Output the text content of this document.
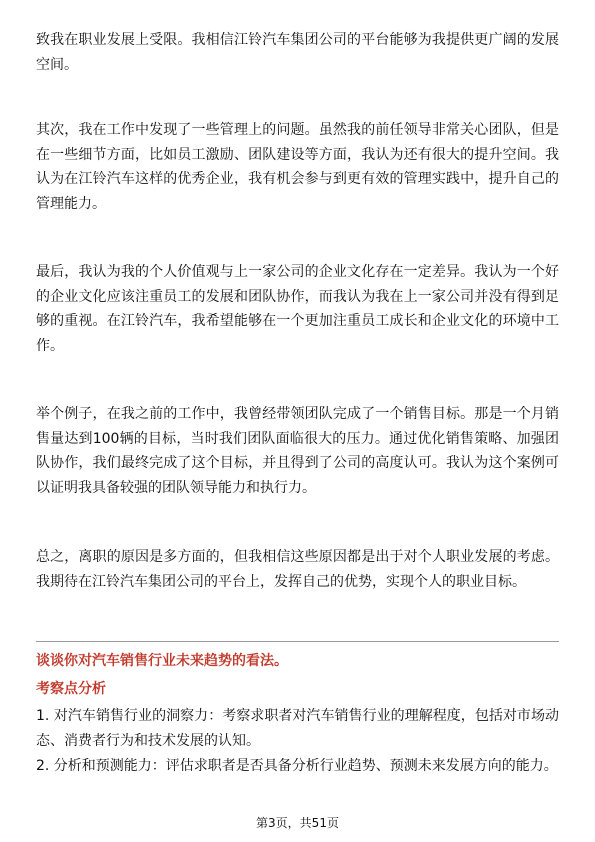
致我在职业发展上受限。我相信江铃汽车集团公司的平台能够为我提供更广阔的发展空间。

其次，我在工作中发现了一些管理上的问题。虽然我的前任领导非常关心团队，但是在一些细节方面，比如员工激励、团队建设等方面，我认为还有很大的提升空间。我认为在江铃汽车这样的优秀企业，我有机会参与到更有效的管理实践中，提升自己的管理能力。

最后，我认为我的个人价值观与上一家公司的企业文化存在一定差异。我认为一个好的企业文化应该注重员工的发展和团队协作，而我认为我在上一家公司并没有得到足够的重视。在江铃汽车，我希望能够在一个更加注重员工成长和企业文化的环境中工作。

举个例子，在我之前的工作中，我曾经带领团队完成了一个销售目标。那是一个月销售量达到100辆的目标，当时我们团队面临很大的压力。通过优化销售策略、加强团队协作，我们最终完成了这个目标，并且得到了公司的高度认可。我认为这个案例可以证明我具备较强的团队领导能力和执行力。

总之，离职的原因是多方面的，但我相信这些原因都是出于对个人职业发展的考虑。我期待在江铃汽车集团公司的平台上，发挥自己的优势，实现个人的职业目标。

谈谈你对汽车销售行业未来趋势的看法。

考察点分析

1. 对汽车销售行业的洞察力：考察求职者对汽车销售行业的理解程度，包括对市场动态、消费者行为和技术发展的认知。
2. 分析和预测能力：评估求职者是否具备分析行业趋势、预测未来发展方向的能力。
第3页，共51页
